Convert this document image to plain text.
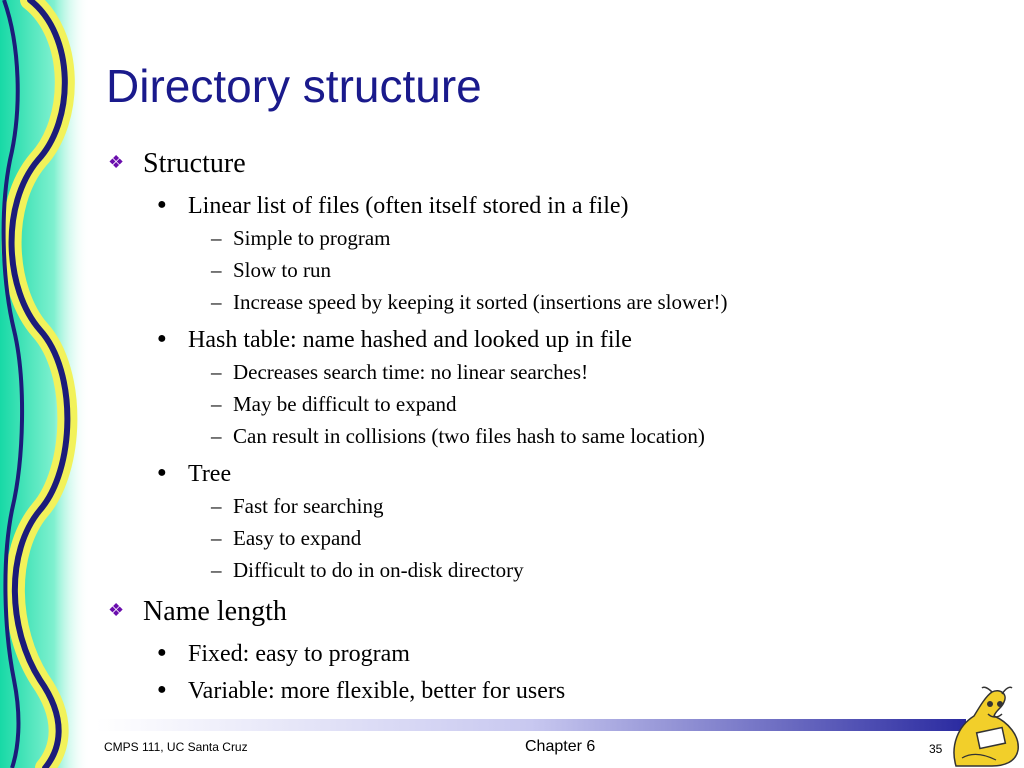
Directory structure
❖ Structure
● Linear list of files (often itself stored in a file)
– Simple to program
– Slow to run
– Increase speed by keeping it sorted (insertions are slower!)
● Hash table: name hashed and looked up in file
– Decreases search time: no linear searches!
– May be difficult to expand
– Can result in collisions (two files hash to same location)
● Tree
– Fast for searching
– Easy to expand
– Difficult to do in on-disk directory
❖ Name length
● Fixed: easy to program
● Variable: more flexible, better for users
CMPS 111, UC Santa Cruz	Chapter 6	35
